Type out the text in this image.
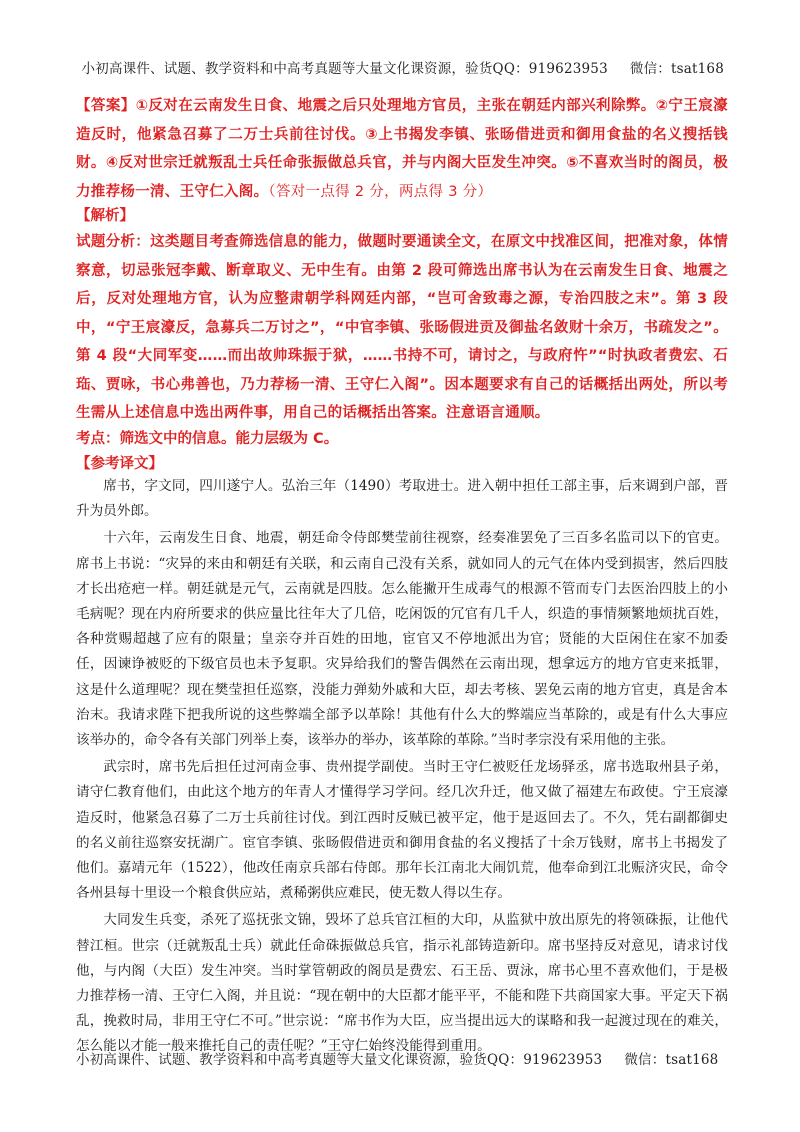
小初高课件、试题、教学资料和中高考真题等大量文化课资源，验货QQ：919623953 微信：tsat168
【答案】①反对在云南发生日食、地震之后只处理地方官员，主张在朝廷内部兴利除弊。②宁王宸濠造反时，他紧急召募了二万士兵前往讨伐。③上书揭发李镇、张旸借进贡和御用食盐的名义搜括钱财。④反对世宗迁就叛乱士兵任命张振做总兵官，并与内阁大臣发生冲突。⑤不喜欢当时的阁员，极力推荐杨一清、王守仁入阁。（答对一点得 2 分，两点得 3 分）
【解析】
试题分析：这类题目考查筛选信息的能力，做题时要通读全文，在原文中找准区间，把准对象，体情察意，切忌张冠李戴、断章取义、无中生有。由第 2 段可筛选出席书认为在云南发生日食、地震之后，反对处理地方官，认为应整肃朝学科网廷内部，“岂可舍致毒之源，专治四肢之末”。第 3 段中，“宁王宸濠反，急募兵二万讨之”，“中官李镇、张旸假进贡及御盐名敛财十余万，书疏发之”。第 4 段“大同军变……而出故帅珠振于狱，……书持不可，请讨之，与政府忤”“时执政者费宏、石珤、贾咏，书心弗善也，乃力荐杨一清、王守仁入阁”。因本题要求有自己的话概括出两处，所以考生需从上述信息中选出两件事，用自己的话概括出答案。注意语言通顺。
考点：筛选文中的信息。能力层级为 C。
【参考译文】

席书，字文同，四川遂宁人。弘治三年（1490）考取进士。进入朝中担任工部主事，后来调到户部，晋升为员外郎。

十六年，云南发生日食、地震，朝廷命令侍郎樊莹前往视察，经奏准罢免了三百多名监司以下的官吏。席书上书说：“灾异的来由和朝廷有关联，和云南自己没有关系，就如同人的元气在体内受到损害，然后四肢才长出疮疤一样。朝廷就是元气，云南就是四肢。怎么能撇开生成毒气的根源不管而专门去医治四肢上的小毛病呢？现在内府所要求的供应量比往年大了几倍，吃闲饭的冗官有几千人，织造的事情频繁地烦扰百姓，各种赏赐超越了应有的限量；皇亲夺并百姓的田地，宦官又不停地派出为官；贤能的大臣闲住在家不加委任，因谏诤被贬的下级官员也未予复职。灾异给我们的警告偶然在云南出现，想拿远方的地方官吏来抵罪，这是什么道理呢？现在樊莹担任巡察，没能力弹劾外戚和大臣，却去考核、罢免云南的地方官吏，真是舍本治末。我请求陛下把我所说的这些弊端全部予以革除！其他有什么大的弊端应当革除的，或是有什么大事应该举办的，命令各有关部门列举上奏，该举办的举办，该革除的革除。”当时孝宗没有采用他的主张。

武宗时，席书先后担任过河南佥事、贵州提学副使。当时王守仁被贬任龙场驿丞，席书选取州县子弟，请守仁教育他们，由此这个地方的年青人才懂得学习学问。经几次升迁，他又做了福建左布政使。宁王宸濠造反时，他紧急召募了二万士兵前往讨伐。到江西时反贼已被平定，他于是返回去了。不久，凭右副都御史的名义前往巡察安抚湖广。宦官李镇、张旸假借进贡和御用食盐的名义搜括了十余万钱财，席书上书揭发了他们。嘉靖元年（1522），他改任南京兵部右侍郎。那年长江南北大闹饥荒，他奉命到江北赈济灾民，命令各州县每十里设一个粮食供应站，煮稀粥供应难民，使无数人得以生存。

大同发生兵变，杀死了巡抚张文锦，毁坏了总兵官江桓的大印，从监狱中放出原先的将领硃振，让他代替江桓。世宗（迁就叛乱士兵）就此任命硃振做总兵官，指示礼部铸造新印。席书坚持反对意见，请求讨伐他，与内阁（大臣）发生冲突。当时掌管朝政的阁员是费宏、石王岳、贾泳，席书心里不喜欢他们，于是极力推荐杨一清、王守仁入阁，并且说：“现在朝中的大臣都才能平平，不能和陛下共商国家大事。平定天下祸乱，挽救时局，非用王守仁不可。”世宗说：“席书作为大臣，应当提出远大的谋略和我一起渡过现在的难关，怎么能以才能一般来推托自己的责任呢？”王守仁始终没能得到重用。

小初高课件、试题、教学资料和中高考真题等大量文化课资源，验货QQ：919623953 微信：tsat168
